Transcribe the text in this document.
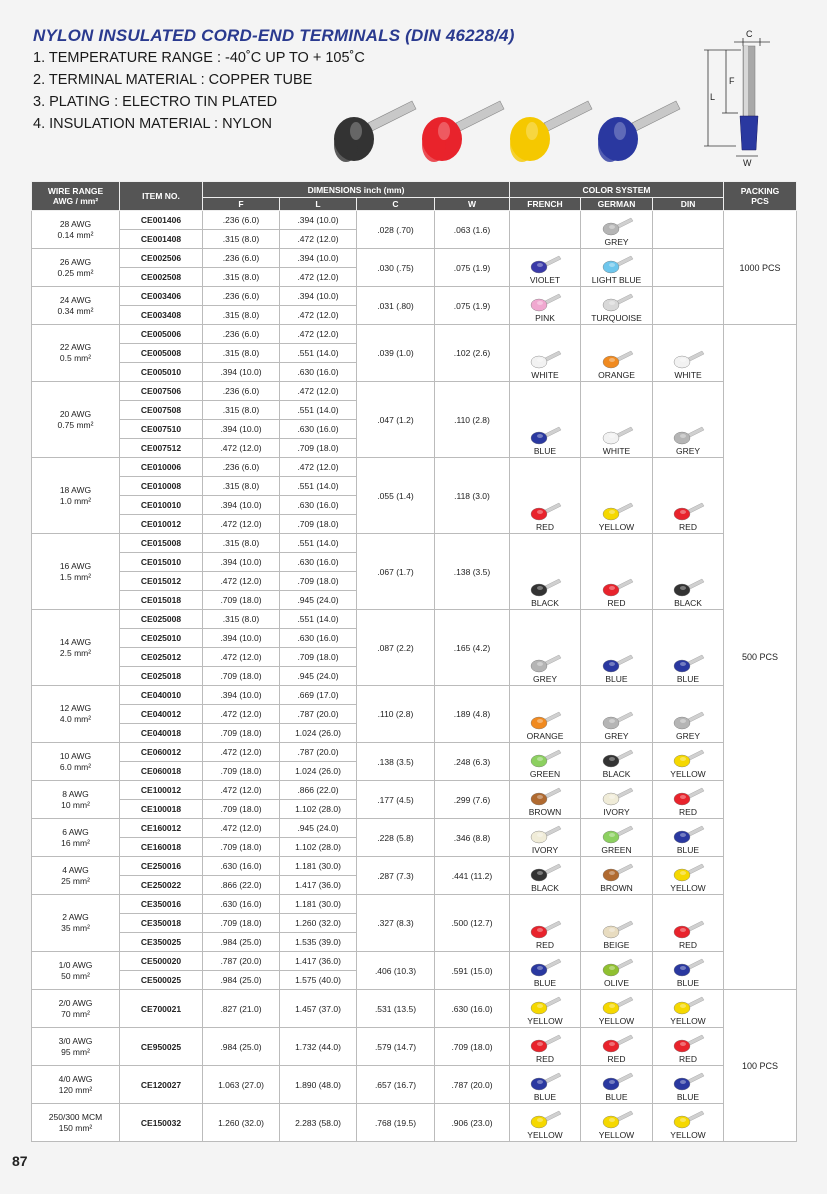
NYLON INSULATED CORD-END TERMINALS (DIN 46228/4)
1. TEMPERATURE RANGE : -40˚C UP TO + 105˚C
2. TERMINAL MATERIAL : COPPER TUBE
3. PLATING : ELECTRO TIN PLATED
4. INSULATION MATERIAL : NYLON
C
F
L
W
WIRE RANGE
AWG / mm²	ITEM NO.	DIMENSIONS inch (mm)				COLOR SYSTEM			PACKING
PCS
		F	L	C	W	FRENCH	GERMAN	DIN	
28 AWG
0.14 mm²	CE001406	.236 (6.0)	.394 (10.0)	.028 (.70)	.063 (1.6)		GREY		1000 PCS
	CE001408	.315 (8.0)	.472 (12.0)						
26 AWG
0.25 mm²	CE002506	.236 (6.0)	.394 (10.0)	.030 (.75)	.075 (1.9)	VIOLET	LIGHT BLUE		
	CE002508	.315 (8.0)	.472 (12.0)						
24 AWG
0.34 mm²	CE003406	.236 (6.0)	.394 (10.0)	.031 (.80)	.075 (1.9)	PINK	TURQUOISE		
	CE003408	.315 (8.0)	.472 (12.0)						
22 AWG
0.5 mm²	CE005006	.236 (6.0)	.472 (12.0)	.039 (1.0)	.102 (2.6)	WHITE	ORANGE	WHITE	500 PCS
	CE005008	.315 (8.0)	.551 (14.0)						
	CE005010	.394 (10.0)	.630 (16.0)						
20 AWG
0.75 mm²	CE007506	.236 (6.0)	.472 (12.0)	.047 (1.2)	.110 (2.8)	BLUE	WHITE	GREY	
	CE007508	.315 (8.0)	.551 (14.0)						
	CE007510	.394 (10.0)	.630 (16.0)						
	CE007512	.472 (12.0)	.709 (18.0)						
18 AWG
1.0 mm²	CE010006	.236 (6.0)	.472 (12.0)	.055 (1.4)	.118 (3.0)	RED	YELLOW	RED	
	CE010008	.315 (8.0)	.551 (14.0)						
	CE010010	.394 (10.0)	.630 (16.0)						
	CE010012	.472 (12.0)	.709 (18.0)						
16 AWG
1.5 mm²	CE015008	.315 (8.0)	.551 (14.0)	.067 (1.7)	.138 (3.5)	BLACK	RED	BLACK	
	CE015010	.394 (10.0)	.630 (16.0)						
	CE015012	.472 (12.0)	.709 (18.0)						
	CE015018	.709 (18.0)	.945 (24.0)						
14 AWG
2.5 mm²	CE025008	.315 (8.0)	.551 (14.0)	.087 (2.2)	.165 (4.2)	GREY	BLUE	BLUE	
	CE025010	.394 (10.0)	.630 (16.0)						
	CE025012	.472 (12.0)	.709 (18.0)						
	CE025018	.709 (18.0)	.945 (24.0)						
12 AWG
4.0 mm²	CE040010	.394 (10.0)	.669 (17.0)	.110 (2.8)	.189 (4.8)	ORANGE	GREY	GREY	
	CE040012	.472 (12.0)	.787 (20.0)						
	CE040018	.709 (18.0)	1.024 (26.0)						
10 AWG
6.0 mm²	CE060012	.472 (12.0)	.787 (20.0)	.138 (3.5)	.248 (6.3)	GREEN	BLACK	YELLOW	
	CE060018	.709 (18.0)	1.024 (26.0)						
8 AWG
10 mm²	CE100012	.472 (12.0)	.866 (22.0)	.177 (4.5)	.299 (7.6)	BROWN	IVORY	RED	
	CE100018	.709 (18.0)	1.102 (28.0)						
6 AWG
16 mm²	CE160012	.472 (12.0)	.945 (24.0)	.228 (5.8)	.346 (8.8)	IVORY	GREEN	BLUE	
	CE160018	.709 (18.0)	1.102 (28.0)						
4 AWG
25 mm²	CE250016	.630 (16.0)	1.181 (30.0)	.287 (7.3)	.441 (11.2)	BLACK	BROWN	YELLOW	
	CE250022	.866 (22.0)	1.417 (36.0)						
2 AWG
35 mm²	CE350016	.630 (16.0)	1.181 (30.0)	.327 (8.3)	.500 (12.7)	RED	BEIGE	RED	
	CE350018	.709 (18.0)	1.260 (32.0)						
	CE350025	.984 (25.0)	1.535 (39.0)						
1/0 AWG
50 mm²	CE500020	.787 (20.0)	1.417 (36.0)	.406 (10.3)	.591 (15.0)	BLUE	OLIVE	BLUE	
	CE500025	.984 (25.0)	1.575 (40.0)						
2/0 AWG
70 mm²	CE700021	.827 (21.0)	1.457 (37.0)	.531 (13.5)	.630 (16.0)	YELLOW	YELLOW	YELLOW	100 PCS
3/0 AWG
95 mm²	CE950025	.984 (25.0)	1.732 (44.0)	.579 (14.7)	.709 (18.0)	RED	RED	RED	
4/0 AWG
120 mm²	CE120027	1.063 (27.0)	1.890 (48.0)	.657 (16.7)	.787 (20.0)	BLUE	BLUE	BLUE	
250/300 MCM
150 mm²	CE150032	1.260 (32.0)	2.283 (58.0)	.768 (19.5)	.906 (23.0)	YELLOW	YELLOW	YELLOW	
87
